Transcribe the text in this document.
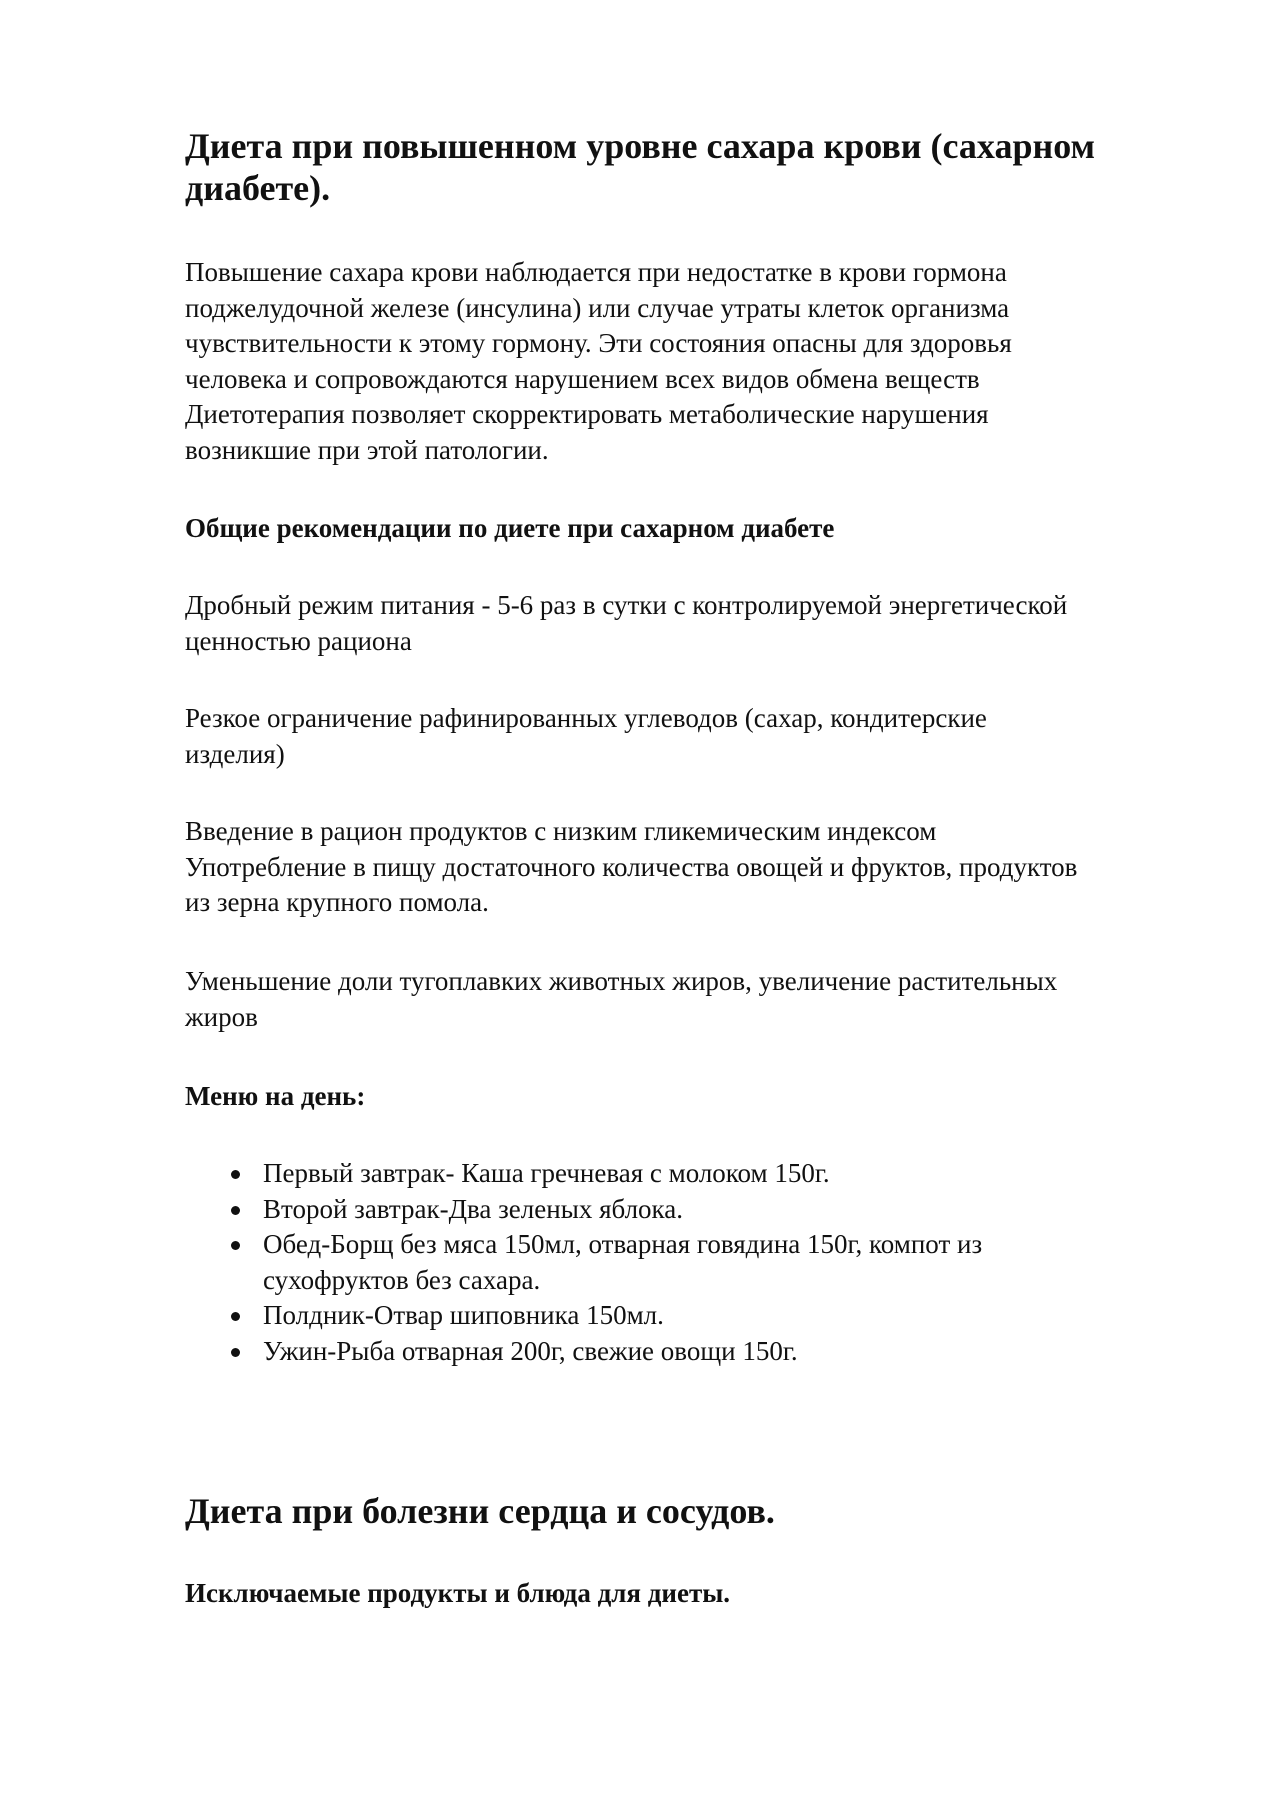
Диета при повышенном уровне сахара крови (сахарном
диабете).

Повышение сахара крови наблюдается при недостатке в крови гормона
поджелудочной железе (инсулина) или случае утраты клеток организма
чувствительности к этому гормону. Эти состояния опасны для здоровья
человека и сопровождаются нарушением всех видов обмена веществ
Диетотерапия позволяет скорректировать метаболические нарушения
возникшие при этой патологии.

Общие рекомендации по диете при сахарном диабете

Дробный режим питания - 5-6 раз в сутки с контролируемой энергетической
ценностью рациона

Резкое ограничение рафинированных углеводов (сахар, кондитерские
изделия)

Введение в рацион продуктов с низким гликемическим индексом
Употребление в пищу достаточного количества овощей и фруктов, продуктов
из зерна крупного помола.

Уменьшение доли тугоплавких животных жиров, увеличение растительных
жиров

Меню на день:
Первый завтрак- Каша гречневая с молоком 150г.
Второй завтрак-Два зеленых яблока.
Обед-Борщ без мяса 150мл, отварная говядина 150г, компот из
сухофруктов без сахара.
Полдник-Отвар шиповника 150мл.
Ужин-Рыба отварная 200г, свежие овощи 150г.
Диета при болезни сердца и сосудов.
Исключаемые продукты и блюда для диеты.
